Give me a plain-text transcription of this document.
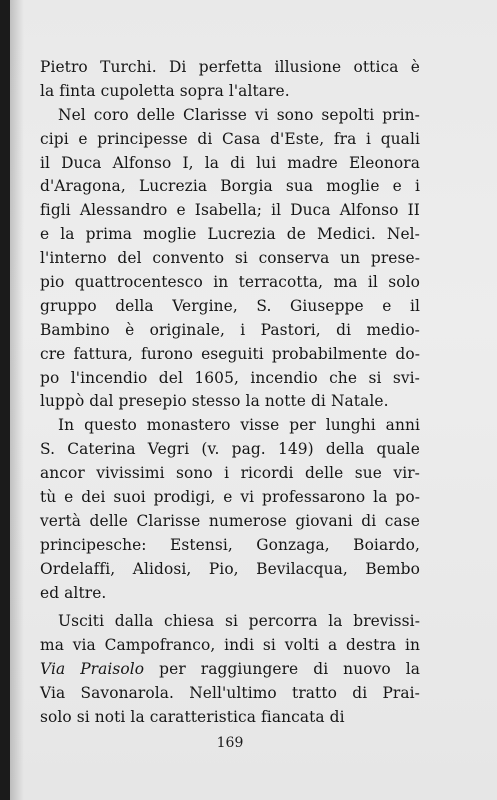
Pietro Turchi. Di perfetta illusione ottica è
la finta cupoletta sopra l'altare.
Nel coro delle Clarisse vi sono sepolti prin-
cipi e principesse di Casa d'Este, fra i quali
il Duca Alfonso I, la di lui madre Eleonora
d'Aragona, Lucrezia Borgia sua moglie e i
figli Alessandro e Isabella; il Duca Alfonso II
e la prima moglie Lucrezia de Medici. Nel-
l'interno del convento si conserva un prese-
pio quattrocentesco in terracotta, ma il solo
gruppo della Vergine, S. Giuseppe e il
Bambino è originale, i Pastori, di medio-
cre fattura, furono eseguiti probabilmente do-
po l'incendio del 1605, incendio che si svi-
luppò dal presepio stesso la notte di Natale.
In questo monastero visse per lunghi anni
S. Caterina Vegri (v. pag. 149) della quale
ancor vivissimi sono i ricordi delle sue vir-
tù e dei suoi prodigi, e vi professarono la po-
vertà delle Clarisse numerose giovani di case
principesche: Estensi, Gonzaga, Boiardo,
Ordelaffi, Alidosi, Pio, Bevilacqua, Bembo
ed altre.
Usciti dalla chiesa si percorra la brevissi-
ma via Campofranco, indi si volti a destra in
Via Praisolo per raggiungere di nuovo la
Via Savonarola. Nell'ultimo tratto di Prai-
solo si noti la caratteristica fiancata di
169
